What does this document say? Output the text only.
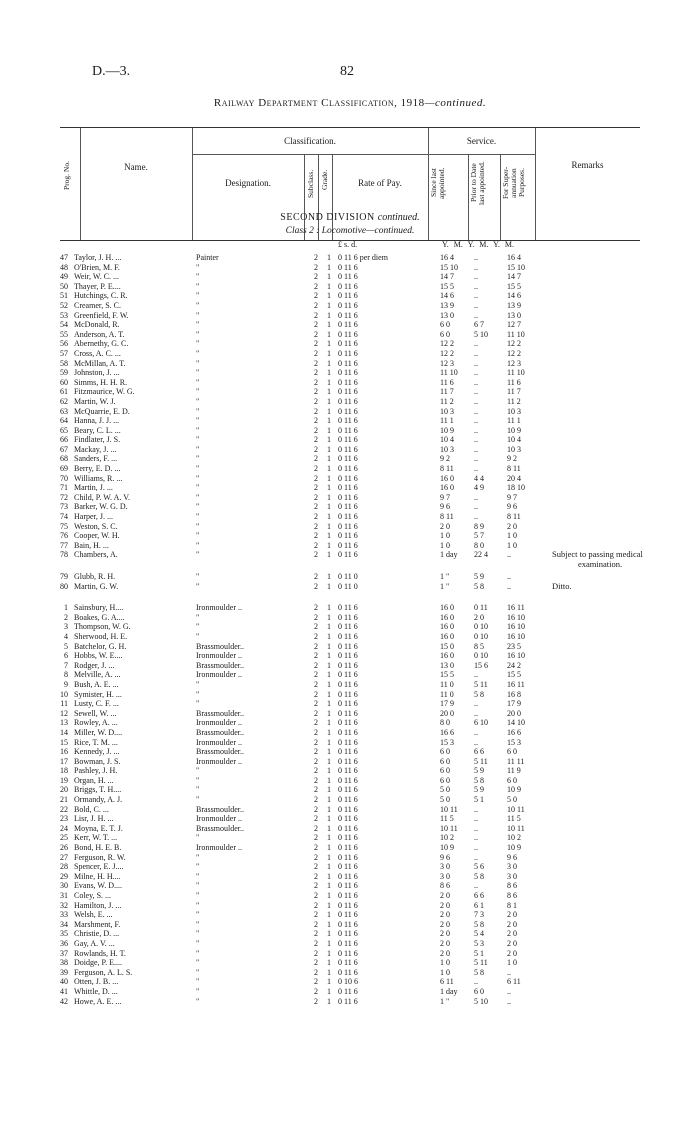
D.—3.	82
Railway Department Classification, 1918—continued.
Prog. No.	Name.
Classification.
Designation.	Subclass. Grade.	Rate of Pay.
Service.
Since last appointed.	Prior to Date last appointed.	For Super-annuation Purposes.
Remarks
SECOND DIVISION continued.
Class 2 : Locomotive—continued.
£ s. d.	Y. M. Y. M. Y. M.
47 Taylor, J. H. ...	Painter	2	1 0 11 6 per diem	16 4	..	16 4
48 O'Brien, M. F.	"	2	1 0 11 6	15 10	..	15 10
49 Weir, W. C. ...	"	2	1 0 11 6	14 7	..	14 7
50 Thayer, P. E....	"	2	1 0 11 6	15 5	..	15 5
51 Hutchings, C. R.	"	2	1 0 11 6	14 6	..	14 6
52 Creamer, S. C.	"	2	1 0 11 6	13 9	..	13 9
53 Greenfield, F. W.	"	2	1 0 11 6	13 0	..	13 0
54 McDonald, R.	"	2	1 0 11 6	6 0	6 7	12 7
55 Anderson, A. T.	"	2	1 0 11 6	6 0	5 10	11 10
56 Abernethy, G. C.	"	2	1 0 11 6	12 2	..	12 2
57 Cross, A. C. ...	"	2	1 0 11 6	12 2	..	12 2
58 McMillan, A. T.	"	2	1 0 11 6	12 3	..	12 3
59 Johnston, J. ...	"	2	1 0 11 6	11 10	..	11 10
60 Simms, H. H. R.	"	2	1 0 11 6	11 6	..	11 6
61 Fitzmaurice, W. G.	"	2	1 0 11 6	11 7	..	11 7
62 Martin, W. J.	"	2	1 0 11 6	11 2	..	11 2
63 McQuarrie, E. D.	"	2	1 0 11 6	10 3	..	10 3
64 Hanna, J. J. ...	"	2	1 0 11 6	11 1	..	11 1
65 Beary, C. L. ...	"	2	1 0 11 6	10 9	..	10 9
66 Findlater, J. S.	"	2	1 0 11 6	10 4	..	10 4
67 Mackay, J. ...	"	2	1 0 11 6	10 3	..	10 3
68 Sanders, F. ...	"	2	1 0 11 6	9 2	..	9 2
69 Berry, E. D. ...	"	2	1 0 11 6	8 11	..	8 11
70 Williams, R. ...	"	2	1 0 11 6	16 0	4 4	20 4
71 Martin, J. ...	"	2	1 0 11 6	16 0	4 9	18 10
72 Child, P. W. A. V.	"	2	1 0 11 6	9 7	..	9 7
73 Barker, W. G. D.	"	2	1 0 11 6	9 6	..	9 6
74 Harper, J. ...	"	2	1 0 11 6	8 11	..	8 11
75 Weston, S. C.	"	2	1 0 11 6	2 0	8 9	2 0
76 Cooper, W. H.	"	2	1 0 11 6	1 0	5 7	1 0
77 Bain, H. ...	"	2	1 0 11 6	1 0	8 0	1 0
78 Chambers, A.	"	2	1 0 11 6	1 day	22 4	..	Subject to passing medical
examination.
79 Glubb, R. H.	"	2	1 0 11 0	1 "	5 9	..
80 Martin, G. W.	"	2	1 0 11 0	1 "	5 8	..	Ditto.
1 Sainsbury, H....	Ironmoulder ..	2	1 0 11 6	16 0	0 11	16 11
2 Boakes, G. A....	"	2	1 0 11 6	16 0	2 0	16 10
3 Thompson, W. G.	"	2	1 0 11 6	16 0	0 10	16 10
4 Sherwood, H. E.	"	2	1 0 11 6	16 0	0 10	16 10
5 Batchelor, G. H.	Brassmoulder..	2	1 0 11 6	15 0	8 5	23 5
6 Hobbs, W. E....	Ironmoulder ..	2	1 0 11 6	16 0	0 10	16 10
7 Rodger, J. ...	Brassmoulder..	2	1 0 11 6	13 0	15 6	24 2
8 Melville, A. ...	Ironmoulder ..	2	1 0 11 6	15 5	..	15 5
9 Bush, A. E. ...	"	2	1 0 11 6	11 0	5 11	16 11
10 Symister, H. ...	"	2	1 0 11 6	11 0	5 8	16 8
11 Lusty, C. F. ...	"	2	1 0 11 6	17 9	..	17 9
12 Sewell, W. ...	Brassmoulder..	2	1 0 11 6	20 0	..	20 0
13 Rowley, A. ...	Ironmoulder ..	2	1 0 11 6	8 0	6 10	14 10
14 Miller, W. D....	Brassmoulder..	2	1 0 11 6	16 6	..	16 6
15 Rice, T. M. ...	Ironmoulder ..	2	1 0 11 6	15 3	..	15 3
16 Kennedy, J. ...	Brassmoulder..	2	1 0 11 6	6 0	6 6	6 0
17 Bowman, J. S.	Ironmoulder ..	2	1 0 11 6	6 0	5 11	11 11
18 Pashley, J. H.	"	2	1 0 11 6	6 0	5 9	11 9
19 Organ, H. ...	"	2	1 0 11 6	6 0	5 8	6 0
20 Briggs, T. H....	"	2	1 0 11 6	5 0	5 9	10 9
21 Ormandy, A. J.	"	2	1 0 11 6	5 0	5 1	5 0
22 Bold, C. ...	Brassmoulder..	2	1 0 11 6	10 11	..	10 11
23 Lisr, J. H. ...	Ironmoulder ..	2	1 0 11 6	11 5	..	11 5
24 Moyna, E. T. J.	Brassmoulder..	2	1 0 11 6	10 11	..	10 11
25 Kerr, W. T. ...	"	2	1 0 11 6	10 2	..	10 2
26 Bond, H. E. B.	Ironmoulder ..	2	1 0 11 6	10 9	..	10 9
27 Ferguson, R. W.	"	2	1 0 11 6	9 6	..	9 6
28 Spencer, E. J....	"	2	1 0 11 6	3 0	5 6	3 0
29 Milne, H. H....	"	2	1 0 11 6	3 0	5 8	3 0
30 Evans, W. D....	"	2	1 0 11 6	8 6	..	8 6
31 Coley, S. ...	"	2	1 0 11 6	2 0	6 6	8 6
32 Hamilton, J. ...	"	2	1 0 11 6	2 0	6 1	8 1
33 Welsh, E. ...	"	2	1 0 11 6	2 0	7 3	2 0
34 Marshment, F.	"	2	1 0 11 6	2 0	5 8	2 0
35 Christie, D. ...	"	2	1 0 11 6	2 0	5 4	2 0
36 Gay, A. V. ...	"	2	1 0 11 6	2 0	5 3	2 0
37 Rowlands, H. T.	"	2	1 0 11 6	2 0	5 1	2 0
38 Doidge, P. E....	"	2	1 0 11 6	1 0	5 11	1 0
39 Ferguson, A. L. S.	"	2	1 0 11 6	1 0	5 8	..
40 Otten, J. B. ...	"	2	1 0 10 6	6 11	..	6 11
41 Whittle, D. ...	"	2	1 0 11 6	1 day	6 0	..
42 Howe, A. E. ...	"	2	1 0 11 6	1 "	5 10	..
